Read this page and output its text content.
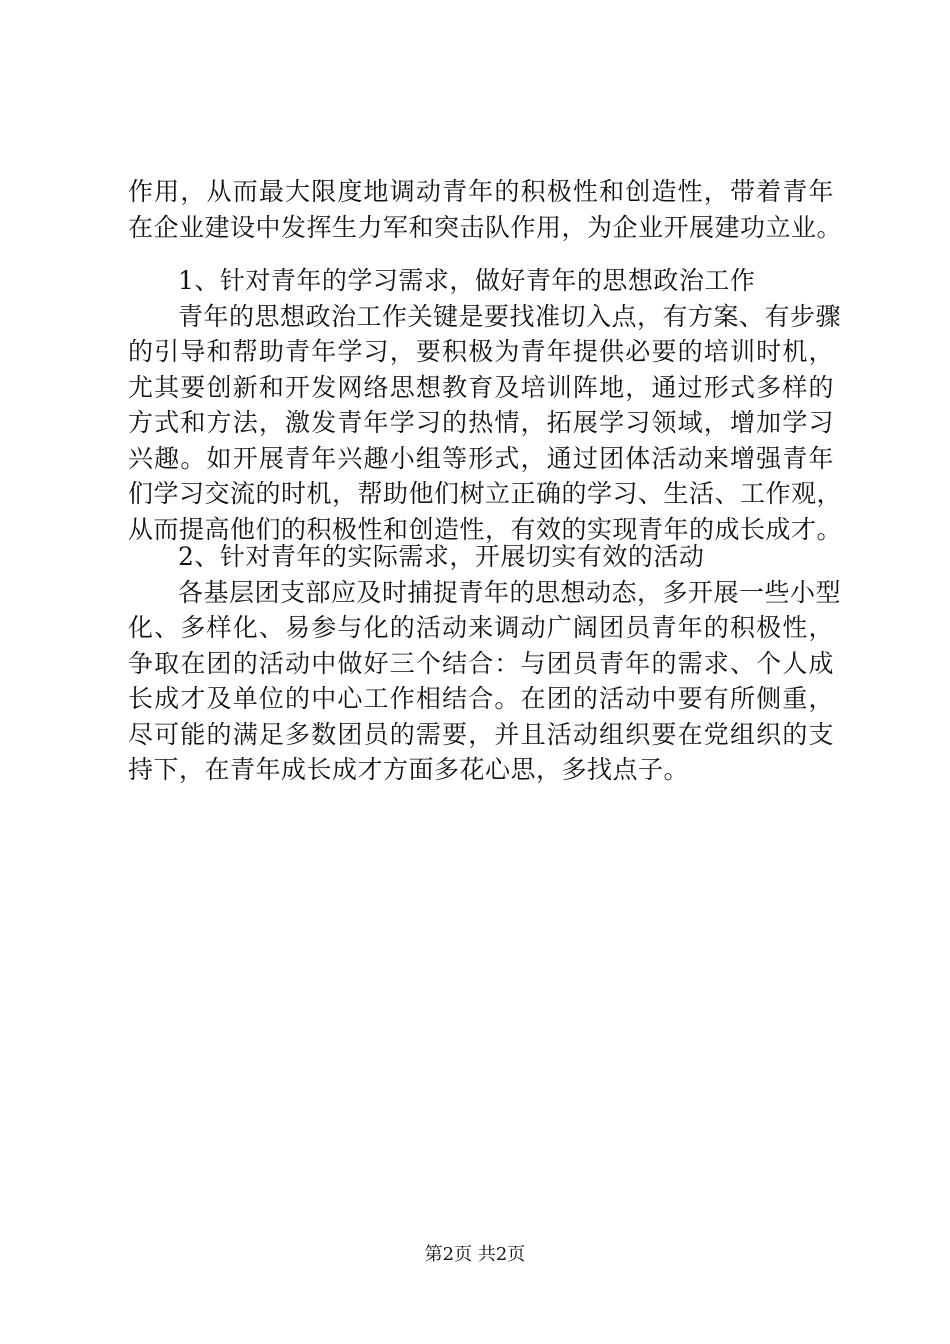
作用，从而最大限度地调动青年的积极性和创造性，带着青年
在企业建设中发挥生力军和突击队作用，为企业开展建功立业。
1、针对青年的学习需求，做好青年的思想政治工作
青年的思想政治工作关键是要找准切入点，有方案、有步骤
的引导和帮助青年学习，要积极为青年提供必要的培训时机，
尤其要创新和开发网络思想教育及培训阵地，通过形式多样的
方式和方法，激发青年学习的热情，拓展学习领域，增加学习
兴趣。如开展青年兴趣小组等形式，通过团体活动来增强青年
们学习交流的时机，帮助他们树立正确的学习、生活、工作观，
从而提高他们的积极性和创造性，有效的实现青年的成长成才。
2、针对青年的实际需求，开展切实有效的活动
各基层团支部应及时捕捉青年的思想动态，多开展一些小型
化、多样化、易参与化的活动来调动广阔团员青年的积极性，
争取在团的活动中做好三个结合：与团员青年的需求、个人成
长成才及单位的中心工作相结合。在团的活动中要有所侧重，
尽可能的满足多数团员的需要，并且活动组织要在党组织的支
持下，在青年成长成才方面多花心思，多找点子。
第2页 共2页
